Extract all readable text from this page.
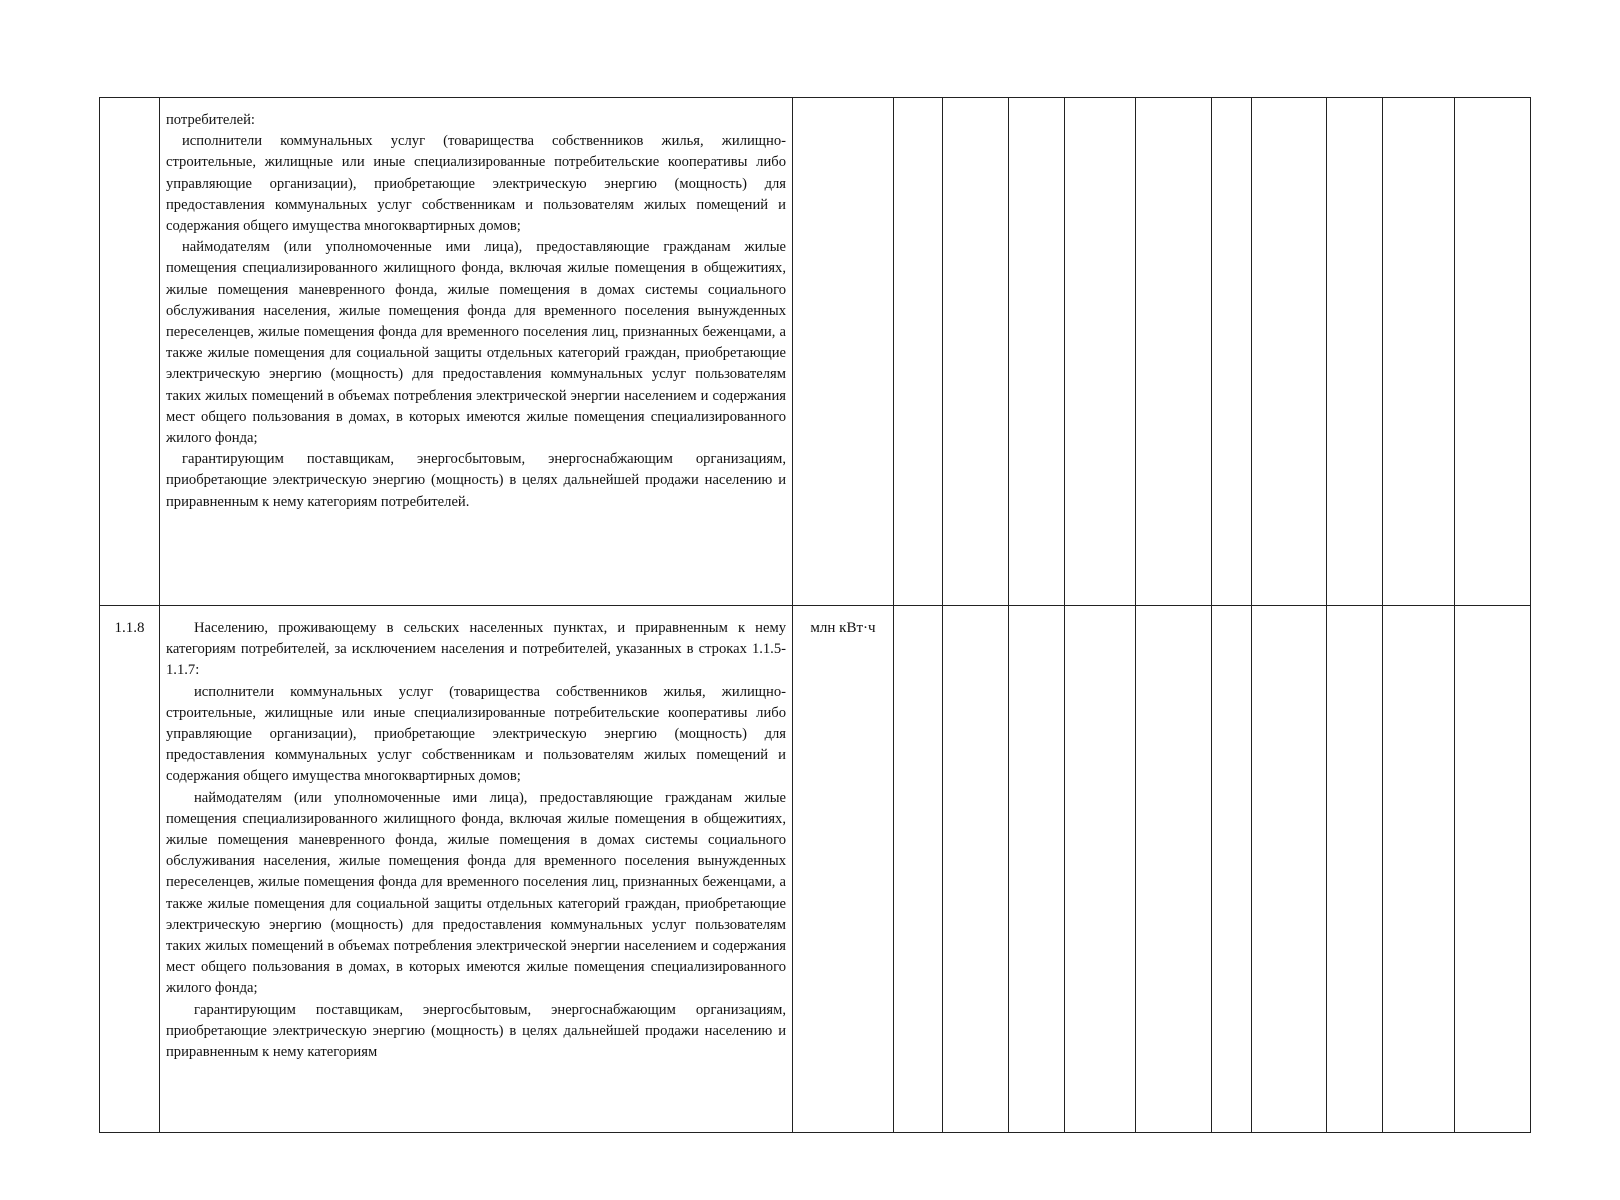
	потребителей:

исполнители коммунальных услуг (товарищества собственников жилья, жилищно-строительные, жилищные или иные специализированные потребительские кооперативы либо управляющие организации), приобретающие электрическую энергию (мощность) для предоставления коммунальных услуг собственникам и пользователям жилых помещений и содержания общего имущества многоквартирных домов;

наймодателям (или уполномоченные ими лица), предоставляющие гражданам жилые помещения специализированного жилищного фонда, включая жилые помещения в общежитиях, жилые помещения маневренного фонда, жилые помещения в домах системы социального обслуживания населения, жилые помещения фонда для временного поселения вынужденных переселенцев, жилые помещения фонда для временного поселения лиц, признанных беженцами, а также жилые помещения для социальной защиты отдельных категорий граждан, приобретающие электрическую энергию (мощность) для предоставления коммунальных услуг пользователям таких жилых помещений в объемах потребления электрической энергии населением и содержания мест общего пользования в домах, в которых имеются жилые помещения специализированного жилого фонда;

гарантирующим поставщикам, энергосбытовым, энергоснабжающим организациям, приобретающие электрическую энергию (мощность) в целях дальнейшей продажи населению и приравненным к нему категориям потребителей.											

1.1.8	Населению, проживающему в сельских населенных пунктах, и приравненным к нему категориям потребителей, за исключением населения и потребителей, указанных в строках 1.1.5-1.1.7:

исполнители коммунальных услуг (товарищества собственников жилья, жилищно-строительные, жилищные или иные специализированные потребительские кооперативы либо управляющие организации), приобретающие электрическую энергию (мощность) для предоставления коммунальных услуг собственникам и пользователям жилых помещений и содержания общего имущества многоквартирных домов;

наймодателям (или уполномоченные ими лица), предоставляющие гражданам жилые помещения специализированного жилищного фонда, включая жилые помещения в общежитиях, жилые помещения маневренного фонда, жилые помещения в домах системы социального обслуживания населения, жилые помещения фонда для временного поселения вынужденных переселенцев, жилые помещения фонда для временного поселения лиц, признанных беженцами, а также жилые помещения для социальной защиты отдельных категорий граждан, приобретающие электрическую энергию (мощность) для предоставления коммунальных услуг пользователям таких жилых помещений в объемах потребления электрической энергии населением и содержания мест общего пользования в домах, в которых имеются жилые помещения специализированного жилого фонда;

гарантирующим поставщикам, энергосбытовым, энергоснабжающим организациям, приобретающие электрическую энергию (мощность) в целях дальнейшей продажи населению и приравненным к нему категориям	млн кВт·ч										
